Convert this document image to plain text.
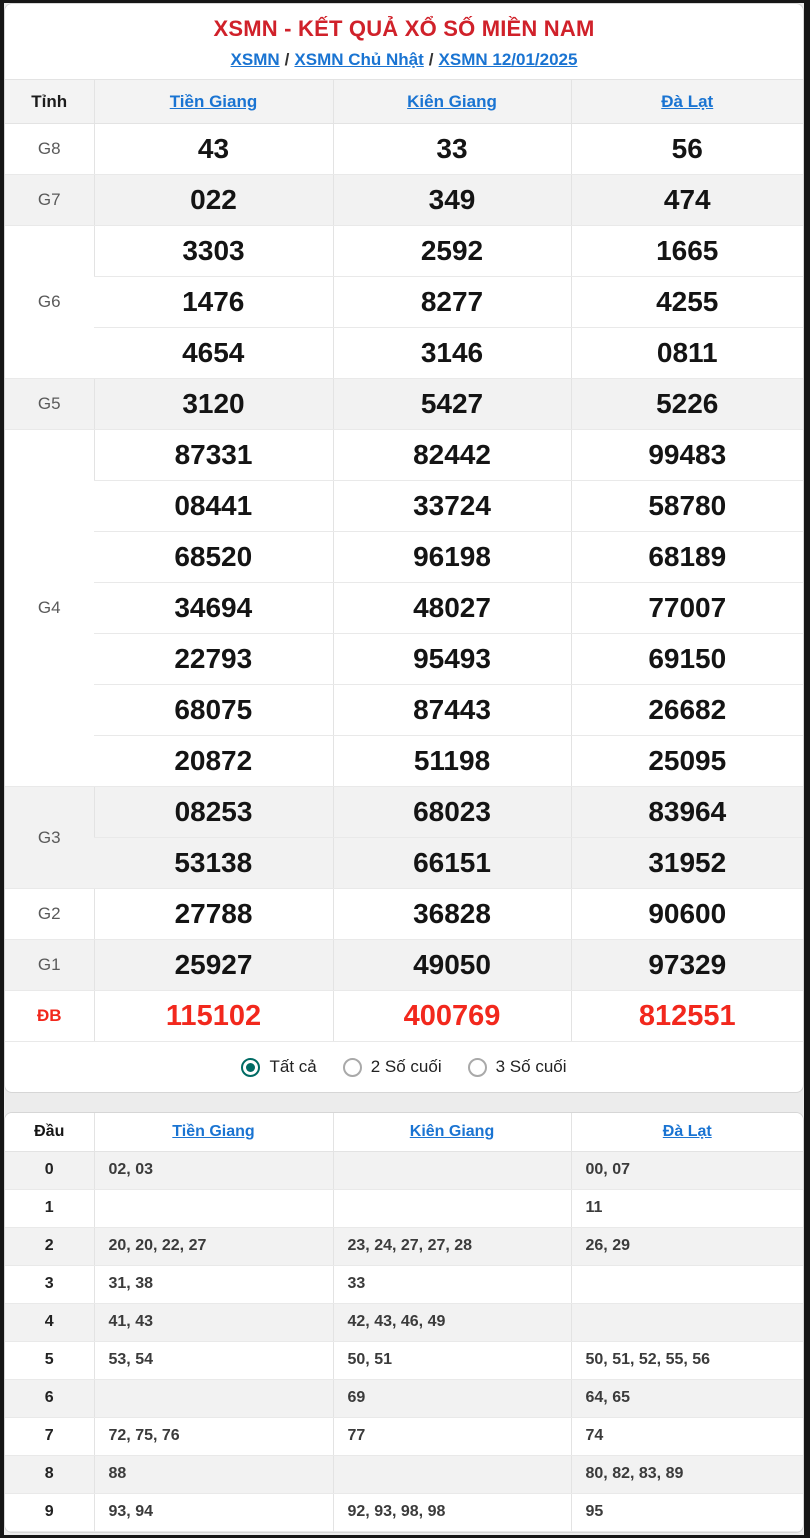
XSMN - KẾT QUẢ XỔ SỐ MIỀN NAM
XSMN / XSMN Chủ Nhật / XSMN 12/01/2025
Tỉnh	Tiền Giang	Kiên Giang	Đà Lạt
G8	43	33	56
G7	022	349	474
G6	3303	2592	1665
	1476	8277	4255
	4654	3146	0811
G5	3120	5427	5226
G4	87331	82442	99483
	08441	33724	58780
	68520	96198	68189
	34694	48027	77007
	22793	95493	69150
	68075	87443	26682
	20872	51198	25095
G3	08253	68023	83964
	53138	66151	31952
G2	27788	36828	90600
G1	25927	49050	97329
ĐB	115102	400769	812551
Tất cả	2 Số cuối	3 Số cuối
Đầu	Tiền Giang	Kiên Giang	Đà Lạt
0	02, 03		00, 07
1			11
2	20, 20, 22, 27	23, 24, 27, 27, 28	26, 29
3	31, 38	33	
4	41, 43	42, 43, 46, 49	
5	53, 54	50, 51	50, 51, 52, 55, 56
6		69	64, 65
7	72, 75, 76	77	74
8	88		80, 82, 83, 89
9	93, 94	92, 93, 98, 98	95
